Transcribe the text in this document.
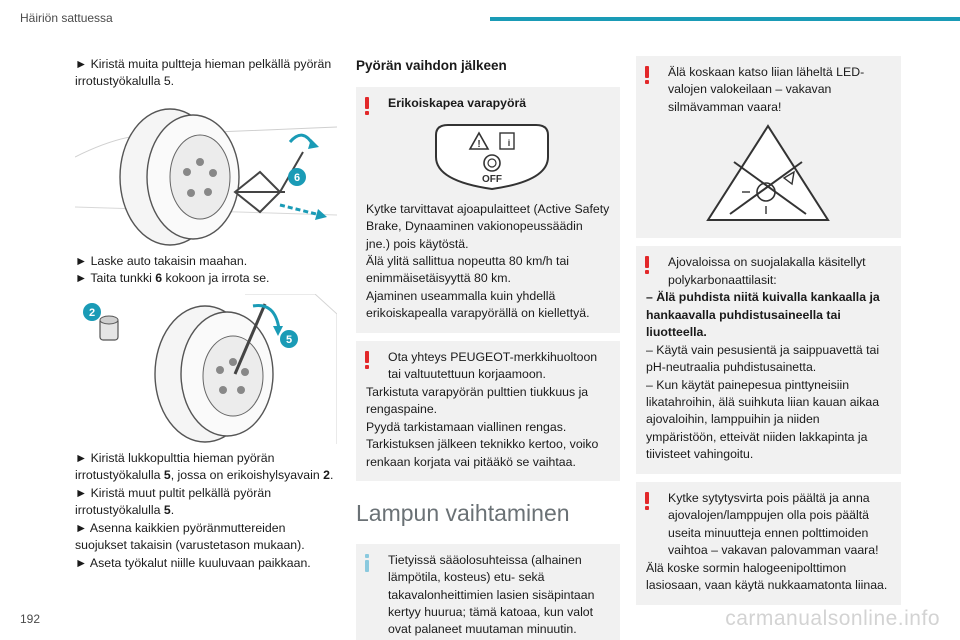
Häiriön sattuessa

► Kiristä muita pultteja hieman pelkällä pyörän irrotustyökalulla 5.

6

► Laske auto takaisin maahan.

► Taita tunkki 6 kokoon ja irrota se.

5
2

► Kiristä lukkopulttia hieman pyörän irrotustyökalulla 5, jossa on erikoishylsyavain 2.

► Kiristä muut pultit pelkällä pyörän irrotustyökalulla 5.

► Asenna kaikkien pyöränmuttereiden suojukset takaisin (varustetason mukaan).

► Aseta työkalut niille kuuluvaan paikkaan.

Pyörän vaihdon jälkeen
Erikoiskapea varapyörä
!	i
OFF

Kytke tarvittavat ajoapulaitteet (Active Safety Brake, Dynaaminen vakionopeussäädin jne.) pois käytöstä.

Älä ylitä sallittua nopeutta 80 km/h tai enimmäisetäisyyttä 80 km.

Ajaminen useammalla kuin yhdellä erikoiskapealla varapyörällä on kiellettyä.

Ota yhteys PEUGEOT-merkkihuoltoon tai valtuutettuun korjaamoon.

Tarkistuta varapyörän pulttien tiukkuus ja rengaspaine.

Pyydä tarkistamaan viallinen rengas.

Tarkistuksen jälkeen teknikko kertoo, voiko renkaan korjata vai pitääkö se vaihtaa.

Lampun vaihtaminen
Tietyissä sääolosuhteissa (alhainen lämpötila, kosteus) etu- sekä takavalonheittimien lasien sisäpintaan kertyy huurua; tämä katoaa, kun valot ovat palaneet muutaman minuutin.
Älä koskaan katso liian läheltä LED-valojen valokeilaan – vakavan silmävamman vaara!
Ajovaloissa on suojalakalla käsitellyt polykarbonaattilasit:

– Älä puhdista niitä kuivalla kankaalla ja hankaavalla puhdistusaineella tai liuotteella.

– Käytä vain pesusientä ja saippuavettä tai pH-neutraalia puhdistusainetta.

– Kun käytät painepesua pinttyneisiin likatahroihin, älä suihkuta liian kauan aikaa ajovaloihin, lamppuihin ja niiden ympäristöön, etteivät niiden lakkapinta ja tiivisteet vahingoitu.

Kytke sytytysvirta pois päältä ja anna ajovalojen/lamppujen olla pois päältä useita minuutteja ennen polttimoiden vaihtoa – vakavan palovamman vaara!

Älä koske sormin halogeenipolttimon lasiosaan, vaan käytä nukkaamatonta liinaa.

192	carmanualsonline.info
